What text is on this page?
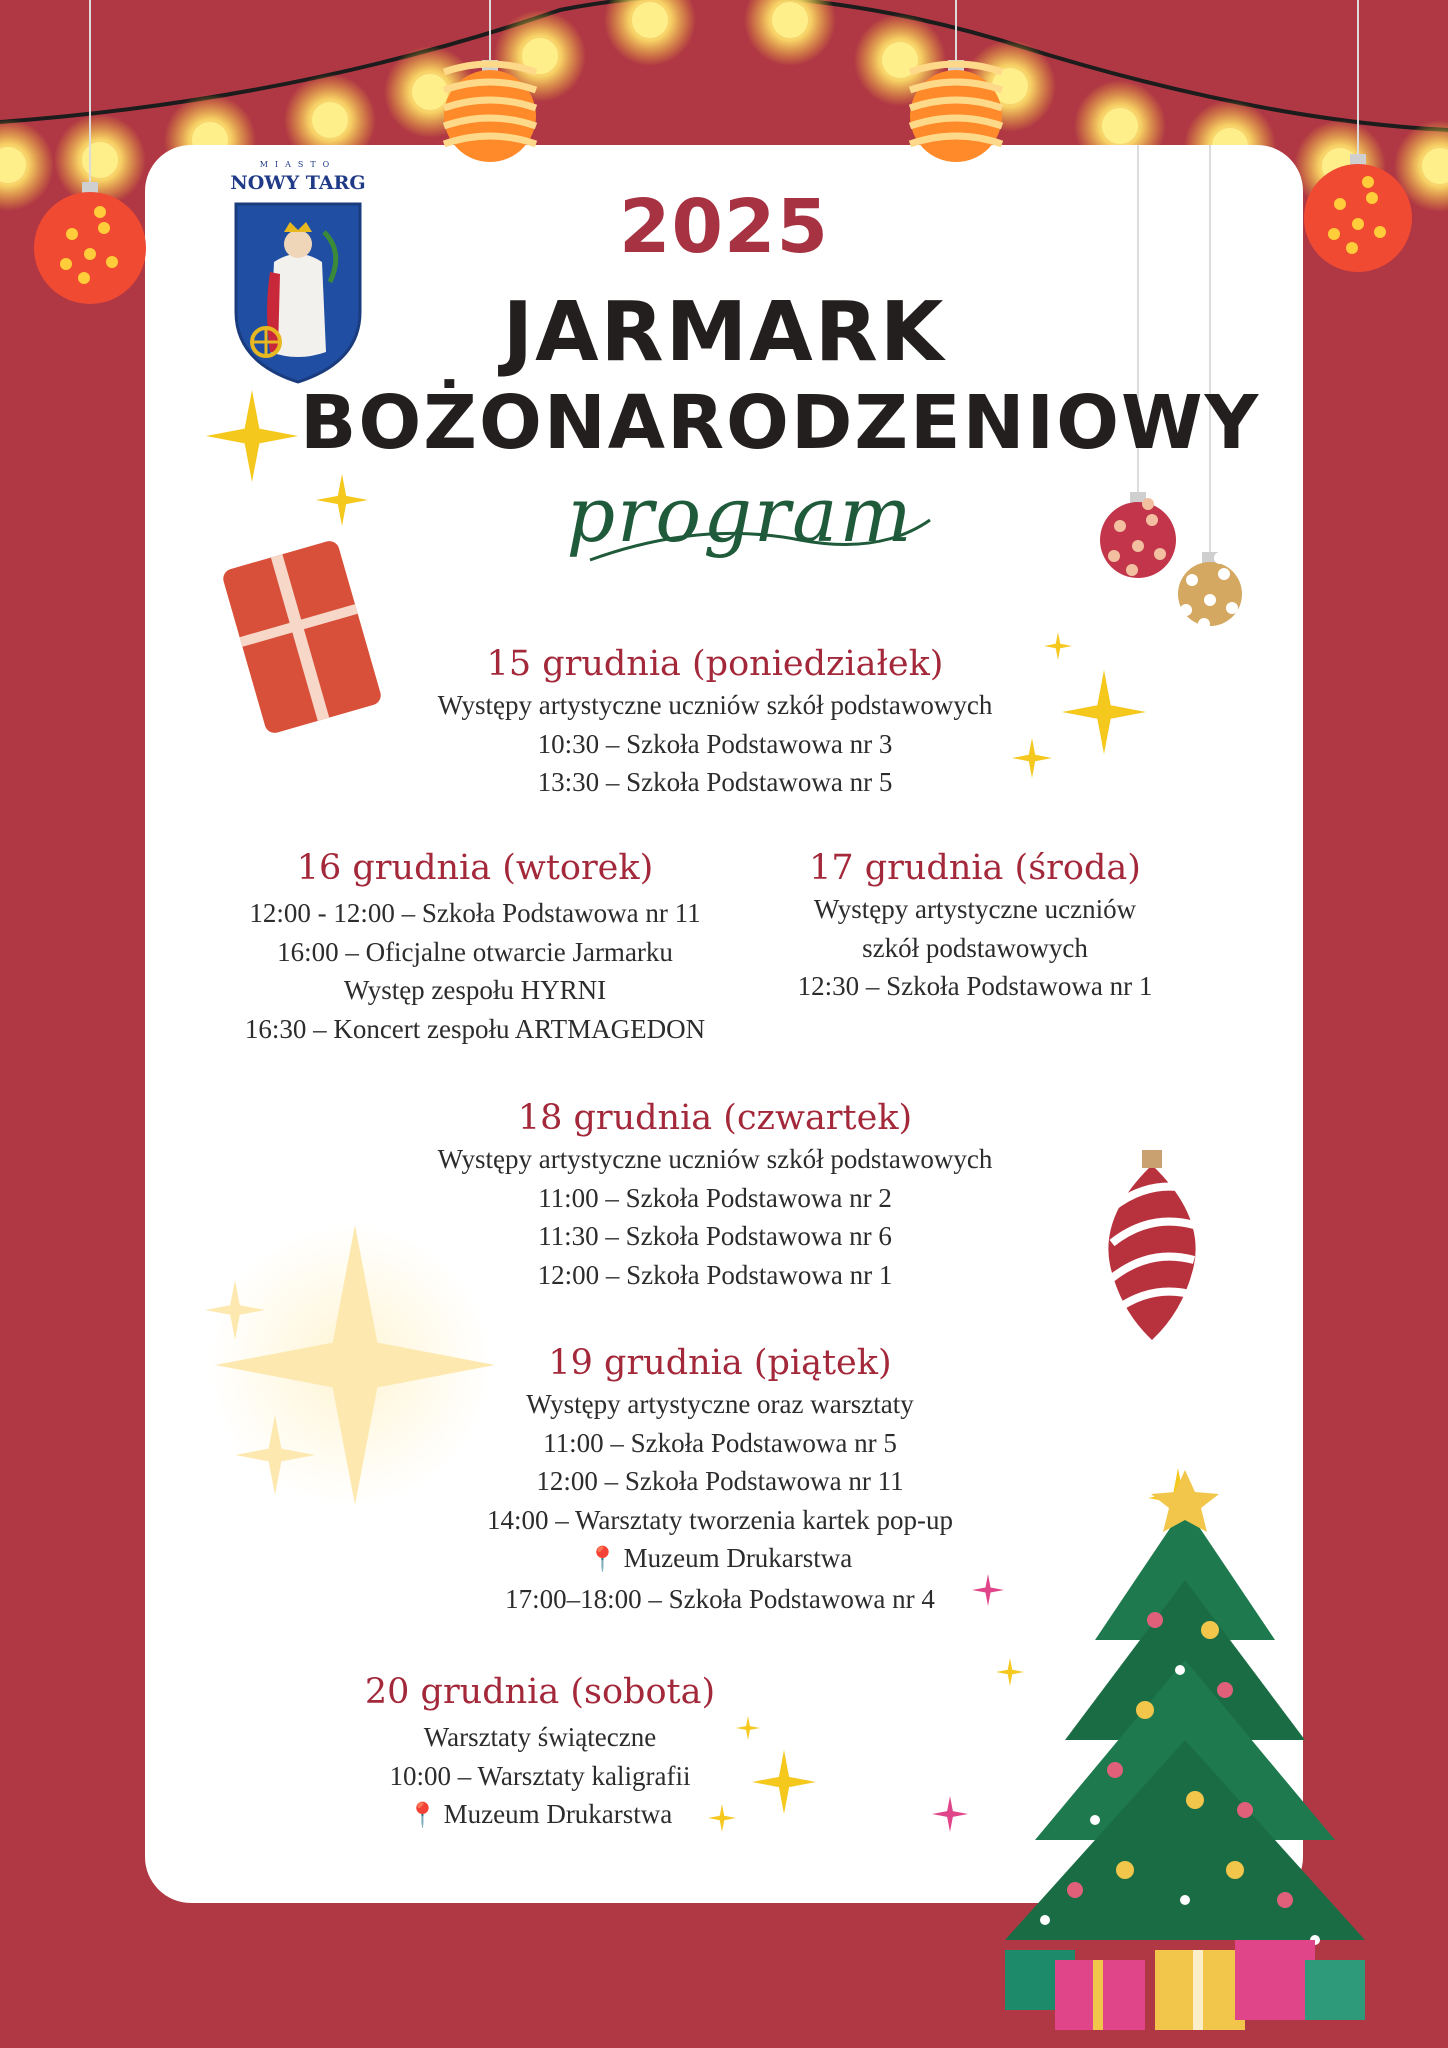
MIASTO
NOWY TARG
2025
JARMARK
BOŻONARODZENIOWY
program
15 grudnia (poniedziałek)
Występy artystyczne uczniów szkół podstawowych
10:30 – Szkoła Podstawowa nr 3
13:30 – Szkoła Podstawowa nr 5
16 grudnia (wtorek)
12:00 - 12:00 – Szkoła Podstawowa nr 11
16:00 – Oficjalne otwarcie Jarmarku
Występ zespołu HYRNI
16:30 – Koncert zespołu ARTMAGEDON
17 grudnia (środa)
Występy artystyczne uczniów
szkół podstawowych
12:30 – Szkoła Podstawowa nr 1
18 grudnia (czwartek)
Występy artystyczne uczniów szkół podstawowych
11:00 – Szkoła Podstawowa nr 2
11:30 – Szkoła Podstawowa nr 6
12:00 – Szkoła Podstawowa nr 1
19 grudnia (piątek)
Występy artystyczne oraz warsztaty
11:00 – Szkoła Podstawowa nr 5
12:00 – Szkoła Podstawowa nr 11
14:00 – Warsztaty tworzenia kartek pop-up
📍 Muzeum Drukarstwa
17:00–18:00 – Szkoła Podstawowa nr 4
20 grudnia (sobota)
Warsztaty świąteczne
10:00 – Warsztaty kaligrafii
📍 Muzeum Drukarstwa
